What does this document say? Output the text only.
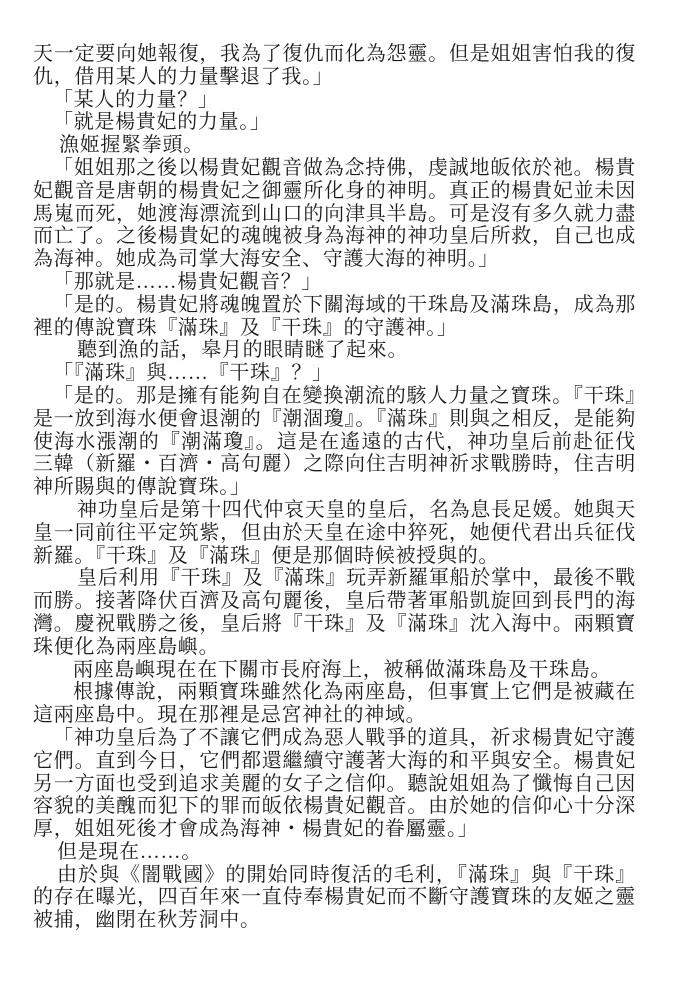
天一定要向她報復，我為了復仇而化為怨靈。但是姐姐害怕我的復仇，借用某人的力量擊退了我。」

「某人的力量？」

「就是楊貴妃的力量。」

漁姬握緊拳頭。

「姐姐那之後以楊貴妃觀音做為念持佛，虔誠地皈依於祂。楊貴妃觀音是唐朝的楊貴妃之御靈所化身的神明。真正的楊貴妃並未因馬嵬而死，她渡海漂流到山口的向津具半島。可是沒有多久就力盡而亡了。之後楊貴妃的魂魄被身為海神的神功皇后所救，自己也成為海神。她成為司掌大海安全、守護大海的神明。」

「那就是……楊貴妃觀音？」

「是的。楊貴妃將魂魄置於下關海域的干珠島及滿珠島，成為那裡的傳說寶珠『滿珠』及『干珠』的守護神。」

聽到漁的話，皋月的眼睛瞇了起來。

「『滿珠』與……『干珠』？」

「是的。那是擁有能夠自在變換潮流的駭人力量之寶珠。『干珠』是一放到海水便會退潮的『潮涸瓊』。『滿珠』則與之相反，是能夠使海水漲潮的『潮滿瓊』。這是在遙遠的古代，神功皇后前赴征伐三韓（新羅・百濟・高句麗）之際向住吉明神祈求戰勝時，住吉明神所賜與的傳說寶珠。」

神功皇后是第十四代仲哀天皇的皇后，名為息長足媛。她與天皇一同前往平定筑紫，但由於天皇在途中猝死，她便代君出兵征伐新羅。『干珠』及『滿珠』便是那個時候被授與的。

皇后利用『干珠』及『滿珠』玩弄新羅軍船於掌中，最後不戰而勝。接著降伏百濟及高句麗後，皇后帶著軍船凱旋回到長門的海灣。慶祝戰勝之後，皇后將『干珠』及『滿珠』沈入海中。兩顆寶珠便化為兩座島嶼。

兩座島嶼現在在下關市長府海上，被稱做滿珠島及干珠島。

根據傳說，兩顆寶珠雖然化為兩座島，但事實上它們是被藏在這兩座島中。現在那裡是忌宮神社的神域。

「神功皇后為了不讓它們成為惡人戰爭的道具，祈求楊貴妃守護它們。直到今日，它們都還繼續守護著大海的和平與安全。楊貴妃另一方面也受到追求美麗的女子之信仰。聽說姐姐為了懺悔自己因容貌的美醜而犯下的罪而皈依楊貴妃觀音。由於她的信仰心十分深厚，姐姐死後才會成為海神・楊貴妃的眷屬靈。」

但是現在……。

由於與《闇戰國》的開始同時復活的毛利，『滿珠』與『干珠』的存在曝光，四百年來一直侍奉楊貴妃而不斷守護寶珠的友姬之靈被捕，幽閉在秋芳洞中。
